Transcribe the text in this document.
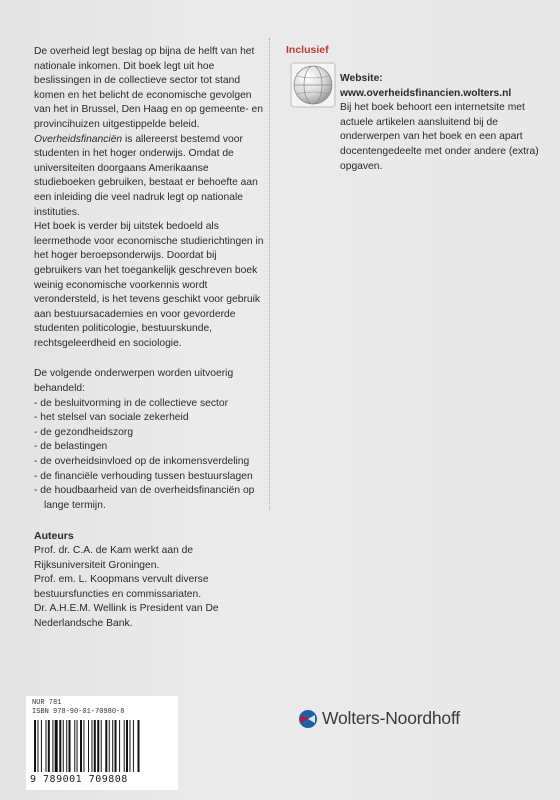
De overheid legt beslag op bijna de helft van het nationale inkomen. Dit boek legt uit hoe beslissingen in de collectieve sector tot stand komen en het belicht de economische gevolgen van het in Brussel, Den Haag en op gemeente- en provincihuizen uitgestippelde beleid.
Overheidsfinanciën is allereerst bestemd voor studenten in het hoger onderwijs. Omdat de universiteiten doorgaans Amerikaanse studieboeken gebruiken, bestaat er behoefte aan een inleiding die veel nadruk legt op nationale instituties.
Het boek is verder bij uitstek bedoeld als leermethode voor economische studierichtingen in het hoger beroepsonderwijs. Doordat bij gebruikers van het toegankelijk geschreven boek weinig economische voorkennis wordt verondersteld, is het tevens geschikt voor gebruik aan bestuursacademies en voor gevorderde studenten politicologie, bestuurskunde, rechtsgeleerdheid en sociologie.

De volgende onderwerpen worden uitvoerig behandeld:

- de besluitvorming in de collectieve sector
- het stelsel van sociale zekerheid
- de gezondheidszorg
- de belastingen
- de overheidsinvloed op de inkomensverdeling
- de financiële verhouding tussen bestuurslagen
- de houdbaarheid van de overheidsfinanciën op lange termijn.

Auteurs

Prof. dr. C.A. de Kam werkt aan de Rijksuniversiteit Groningen.

Prof. em. L. Koopmans vervult diverse bestuursfuncties en commissariaten.

Dr. A.H.E.M. Wellink is President van De Nederlandsche Bank.

Inclusief
Website:
www.overheidsfinancien.wolters.nl
Bij het boek behoort een internetsite met actuele artikelen aansluitend bij de onderwerpen van het boek en een apart docentengedeelte met onder andere (extra) opgaven.
NUR 781
ISBN 978-90-01-70980-8
9 789001 709808
Wolters-Noordhoff
